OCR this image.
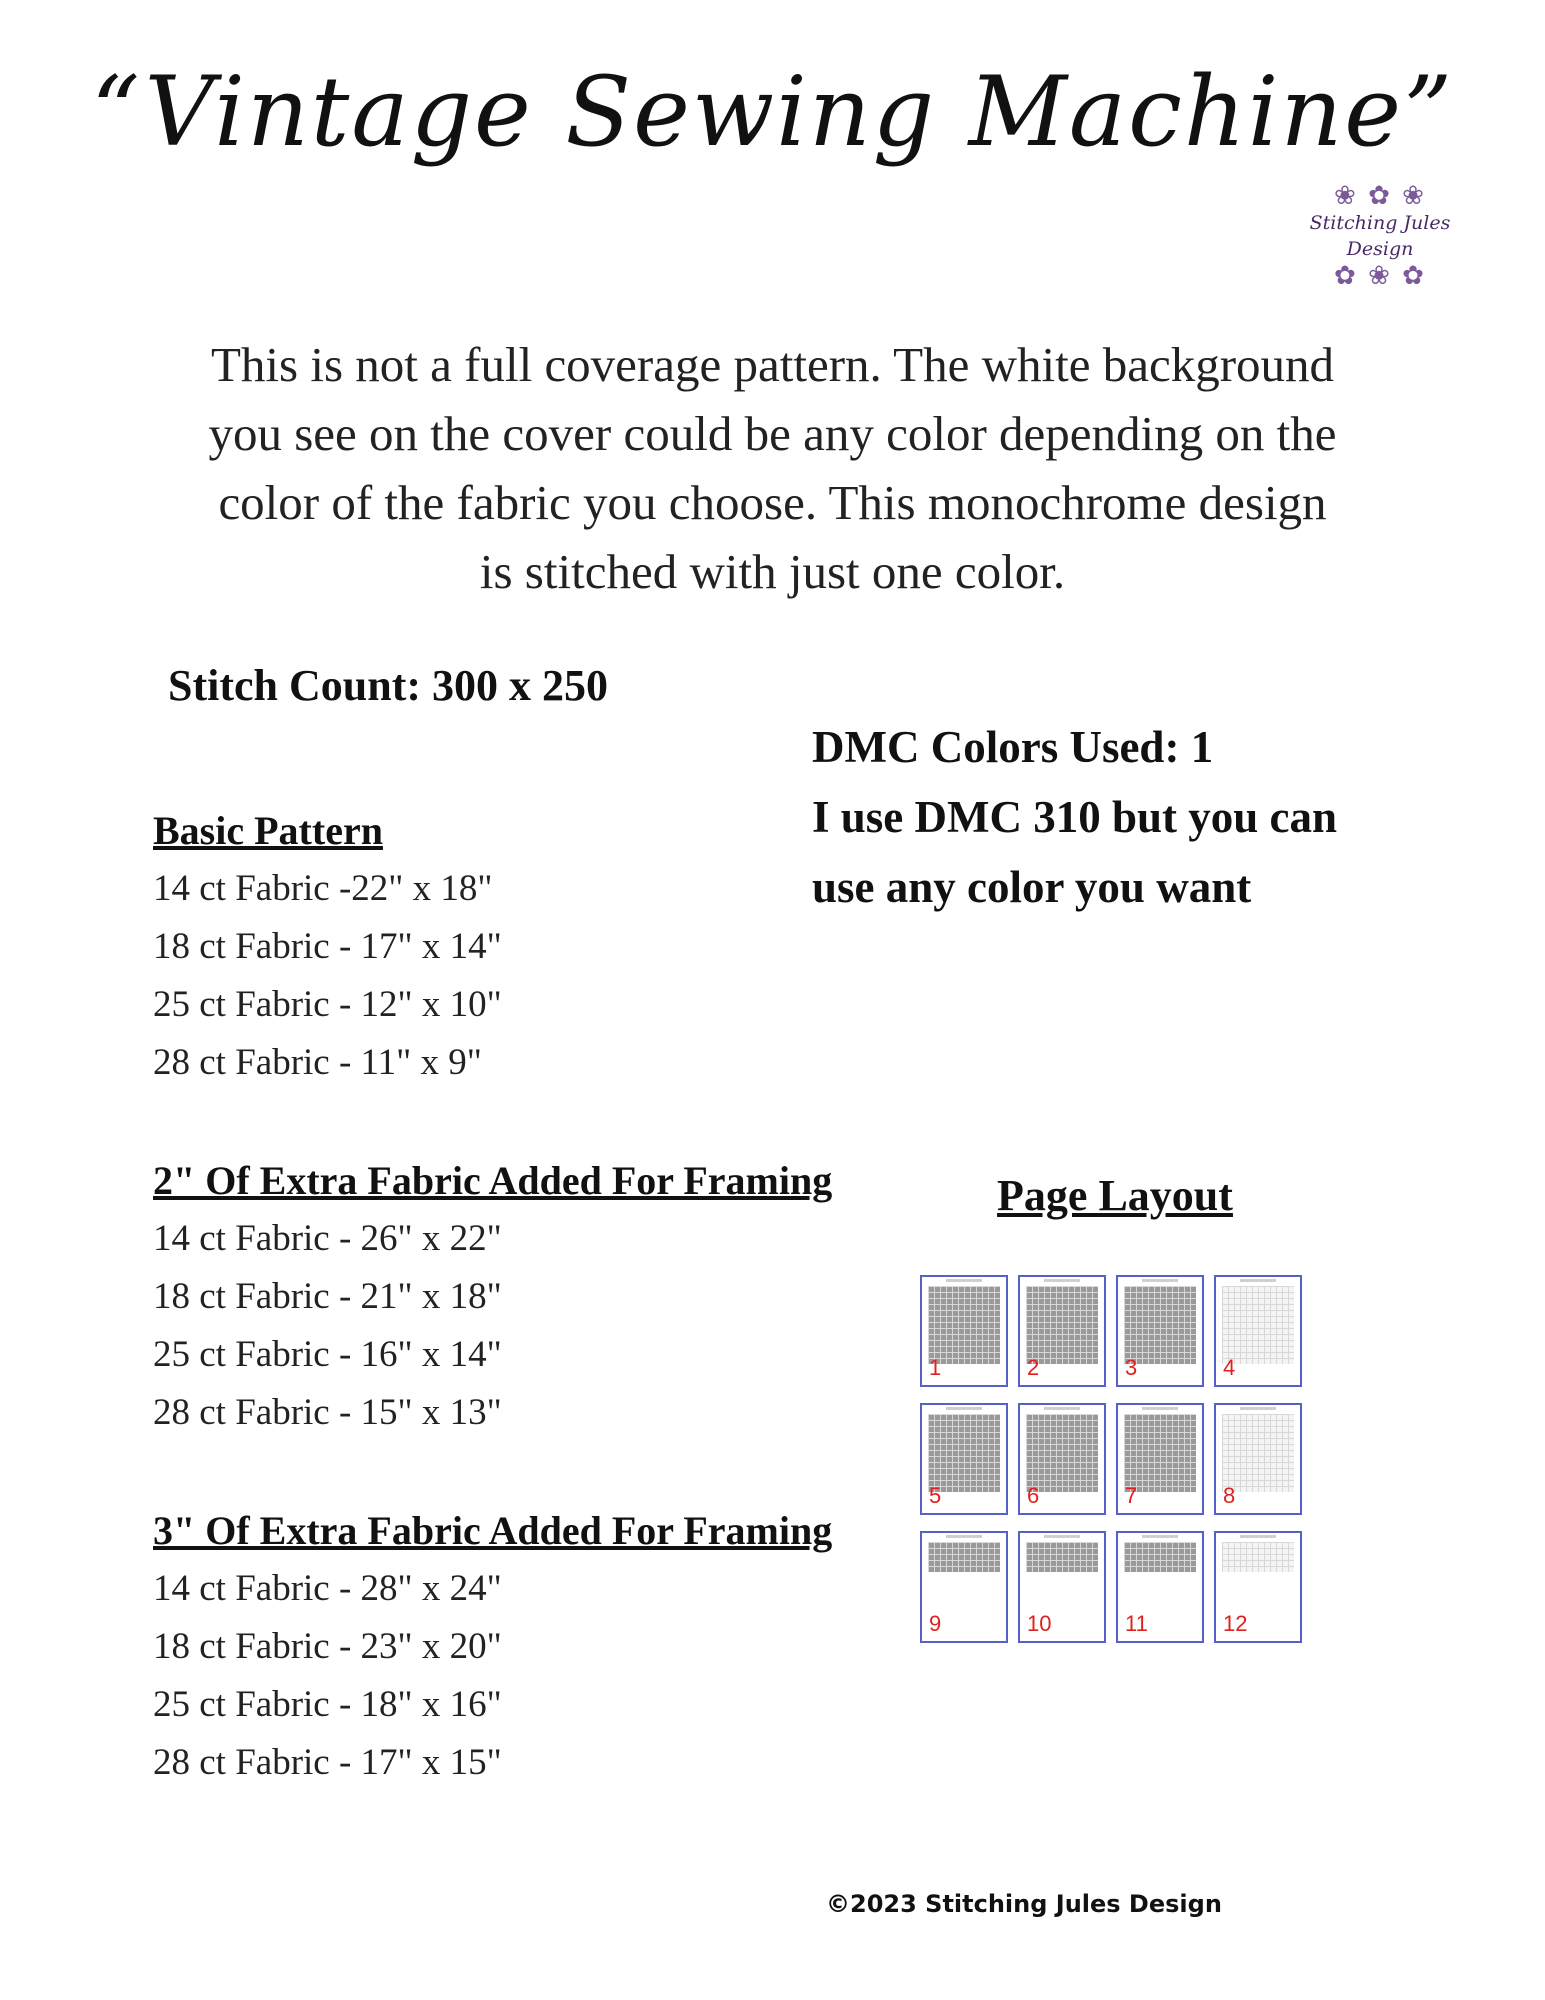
“Vintage Sewing Machine”
❀ ✿ ❀
Stitching Jules Design
✿ ❀ ✿
This is not a full coverage pattern. The white background
you see on the cover could be any color depending on the
color of the fabric you choose. This monochrome design
is stitched with just one color.
Stitch Count: 300 x 250
DMC Colors Used: 1
I use DMC 310 but you can
use any color you want
Basic Pattern
14 ct Fabric -22" x 18"
18 ct Fabric - 17" x 14"
25 ct Fabric - 12" x 10"
28 ct Fabric - 11" x 9"
2" Of Extra Fabric Added For Framing
14 ct Fabric - 26" x 22"
18 ct Fabric - 21" x 18"
25 ct Fabric - 16" x 14"
28 ct Fabric - 15" x 13"
3" Of Extra Fabric Added For Framing
14 ct Fabric - 28" x 24"
18 ct Fabric - 23" x 20"
25 ct Fabric - 18" x 16"
28 ct Fabric - 17" x 15"
Page Layout
1	2	3	4
5	6	7	8
9	10	11	12
©2023 Stitching Jules Design
